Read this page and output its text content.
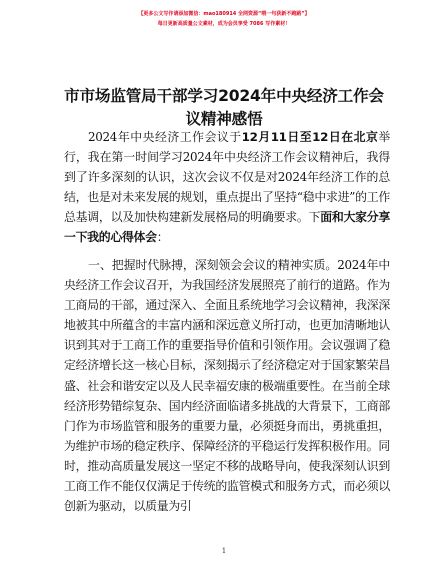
【更多公文写作请添加微信：mao180914 全网资源“喂一句获新不跑路”】
每日更新高质量公文素材，成为会员享受 7086 写作素材！
市市场监管局干部学习2024年中央经济工作会
议精神感悟
2024年中央经济工作会议于12月11日至12日在北京举行，我在第一时间学习2024年中央经济工作会议精神后，我得到了许多深刻的认识，这次会议不仅是对2024年经济工作的总结，也是对未来发展的规划，重点提出了坚持“稳中求进”的工作总基调，以及加快构建新发展格局的明确要求。下面和大家分享一下我的心得体会：
一、把握时代脉搏，深刻领会会议的精神实质。2024年中央经济工作会议召开，为我国经济发展照亮了前行的道路。作为工商局的干部，通过深入、全面且系统地学习会议精神，我深深地被其中所蕴含的丰富内涵和深远意义所打动，也更加清晰地认识到其对于工商工作的重要指导价值和引领作用。会议强调了稳定经济增长这一核心目标，深刻揭示了经济稳定对于国家繁荣昌盛、社会和谐安定以及人民幸福安康的极端重要性。在当前全球经济形势错综复杂、国内经济面临诸多挑战的大背景下，工商部门作为市场监管和服务的重要力量，必须挺身而出，勇挑重担，为维护市场的稳定秩序、保障经济的平稳运行发挥积极作用。同时，推动高质量发展这一坚定不移的战略导向，使我深刻认识到工商工作不能仅仅满足于传统的监管模式和服务方式，而必须以创新为驱动，以质量为引
1
